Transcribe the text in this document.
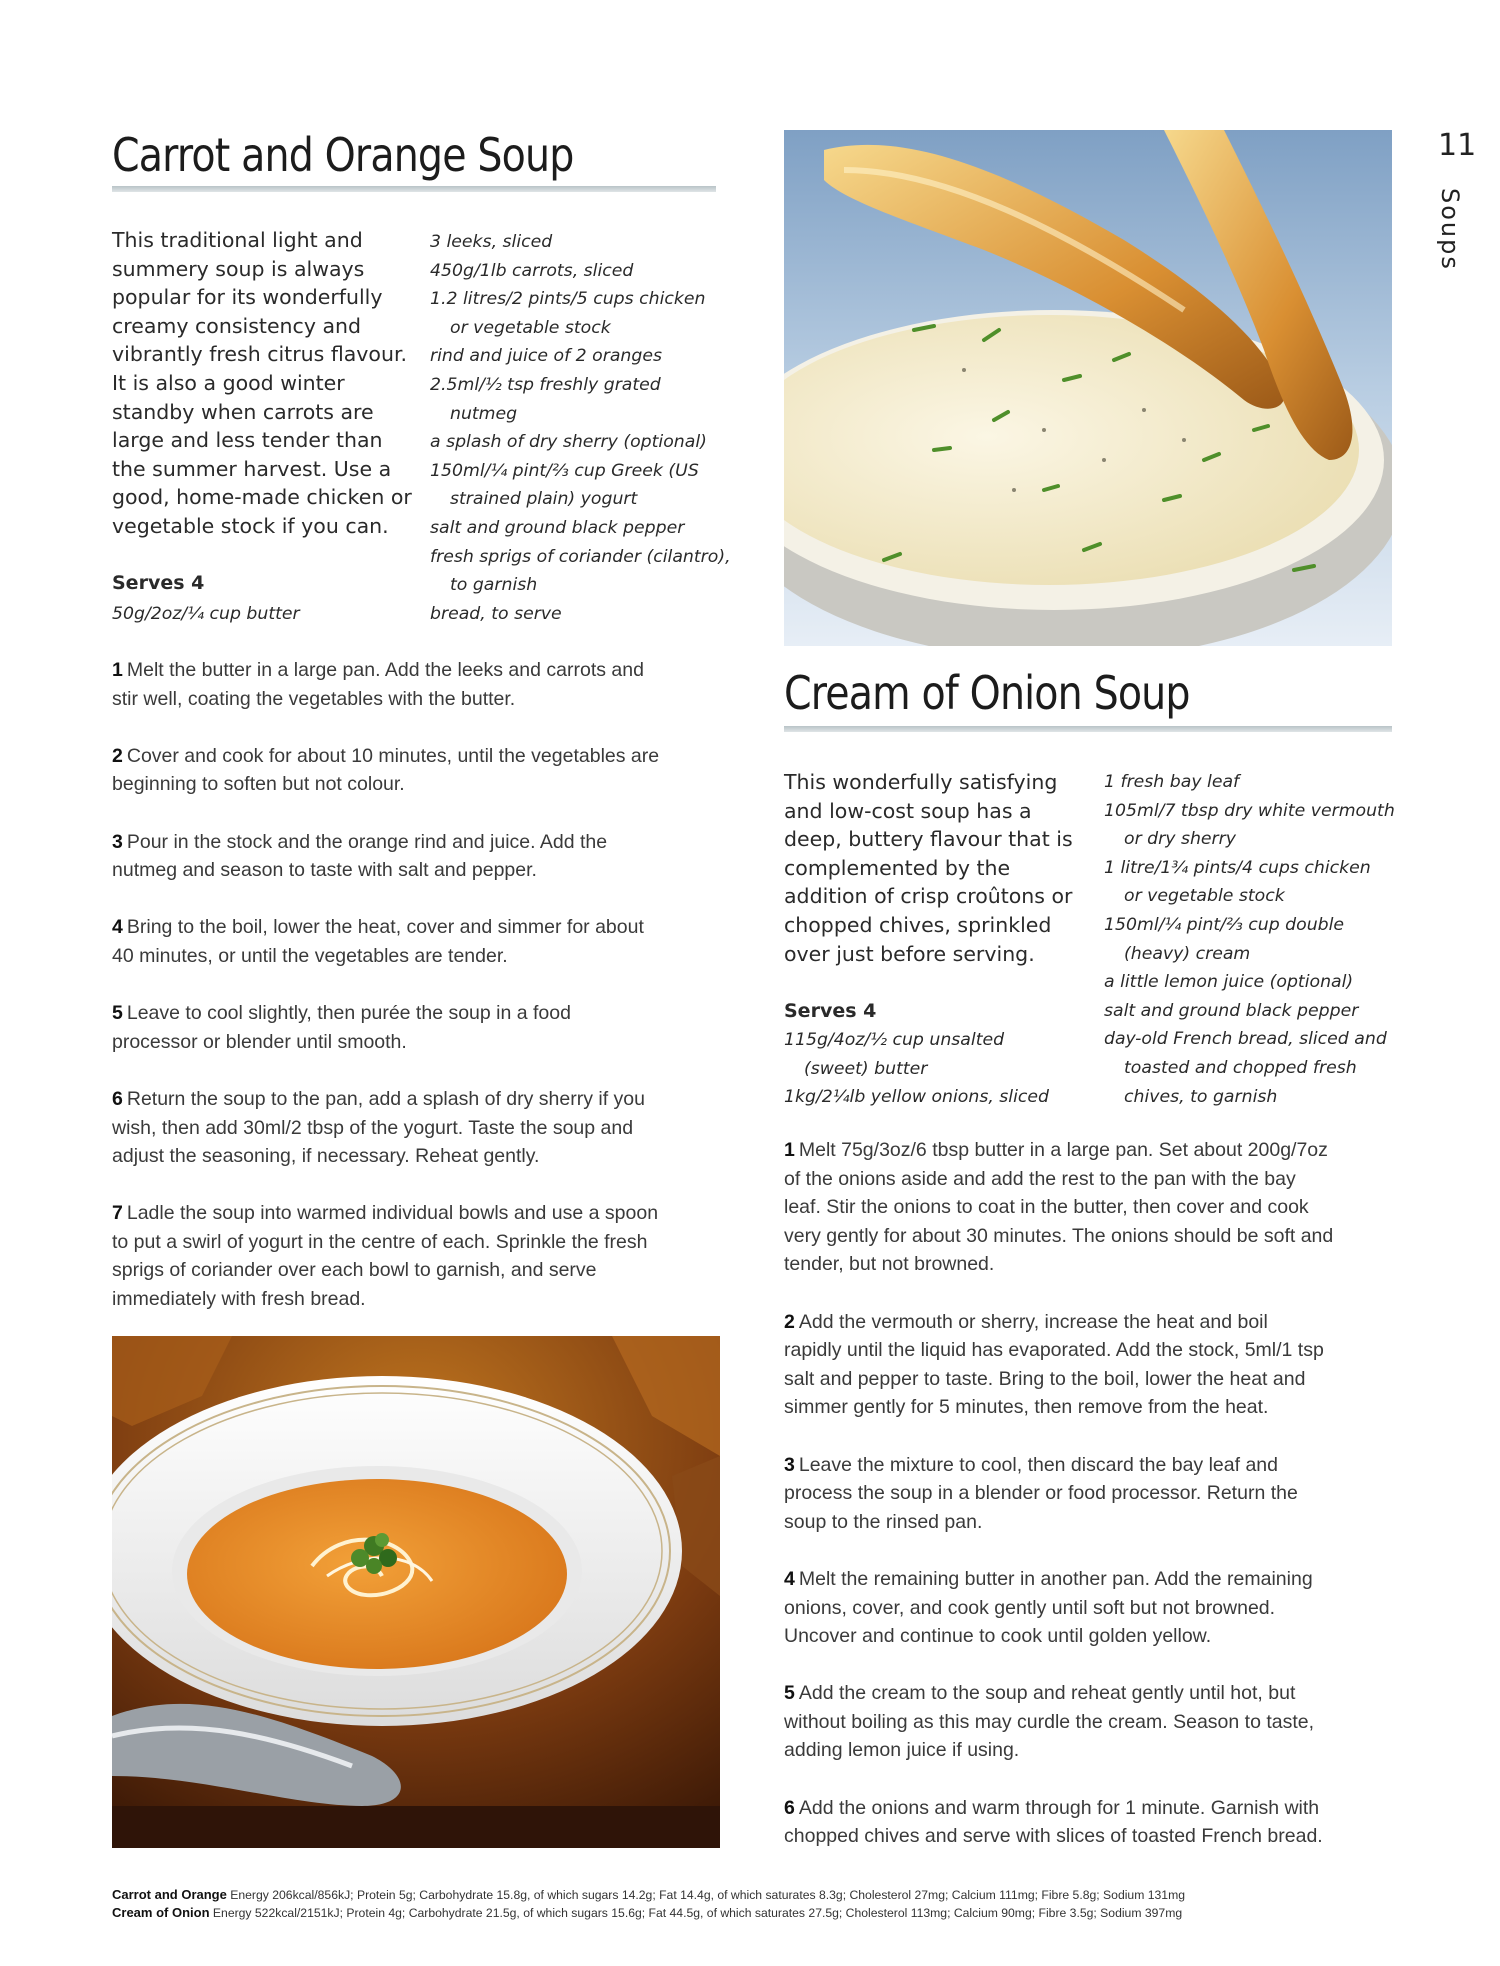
11
Soups
Carrot and Orange Soup
This traditional light and
summery soup is always
popular for its wonderfully
creamy consistency and
vibrantly fresh citrus flavour.
It is also a good winter
standby when carrots are
large and less tender than
the summer harvest. Use a
good, home-made chicken or
vegetable stock if you can.

Serves 4

50g/2oz/¼ cup butter

3 leeks, sliced
450g/1lb carrots, sliced
1.2 litres/2 pints/5 cups chicken
or vegetable stock
rind and juice of 2 oranges
2.5ml/½ tsp freshly grated
nutmeg
a splash of dry sherry (optional)
150ml/¼ pint/⅔ cup Greek (US
strained plain) yogurt
salt and ground black pepper
fresh sprigs of coriander (cilantro),
to garnish
bread, to serve
1 Melt the butter in a large pan. Add the leeks and carrots and
stir well, coating the vegetables with the butter.
2 Cover and cook for about 10 minutes, until the vegetables are
beginning to soften but not colour.
3 Pour in the stock and the orange rind and juice. Add the
nutmeg and season to taste with salt and pepper.
4 Bring to the boil, lower the heat, cover and simmer for about
40 minutes, or until the vegetables are tender.
5 Leave to cool slightly, then purée the soup in a food
processor or blender until smooth.
6 Return the soup to the pan, add a splash of dry sherry if you
wish, then add 30ml/2 tbsp of the yogurt. Taste the soup and
adjust the seasoning, if necessary. Reheat gently.
7 Ladle the soup into warmed individual bowls and use a spoon
to put a swirl of yogurt in the centre of each. Sprinkle the fresh
sprigs of coriander over each bowl to garnish, and serve
immediately with fresh bread.
Cream of Onion Soup
This wonderfully satisfying
and low-cost soup has a
deep, buttery flavour that is
complemented by the
addition of crisp croûtons or
chopped chives, sprinkled
over just before serving.

Serves 4

115g/4oz/½ cup unsalted
(sweet) butter
1kg/2¼lb yellow onions, sliced
1 fresh bay leaf
105ml/7 tbsp dry white vermouth
or dry sherry
1 litre/1¾ pints/4 cups chicken
or vegetable stock
150ml/¼ pint/⅔ cup double
(heavy) cream
a little lemon juice (optional)
salt and ground black pepper
day-old French bread, sliced and
toasted and chopped fresh
chives, to garnish
1 Melt 75g/3oz/6 tbsp butter in a large pan. Set about 200g/7oz
of the onions aside and add the rest to the pan with the bay
leaf. Stir the onions to coat in the butter, then cover and cook
very gently for about 30 minutes. The onions should be soft and
tender, but not browned.
2 Add the vermouth or sherry, increase the heat and boil
rapidly until the liquid has evaporated. Add the stock, 5ml/1 tsp
salt and pepper to taste. Bring to the boil, lower the heat and
simmer gently for 5 minutes, then remove from the heat.
3 Leave the mixture to cool, then discard the bay leaf and
process the soup in a blender or food processor. Return the
soup to the rinsed pan.
4 Melt the remaining butter in another pan. Add the remaining
onions, cover, and cook gently until soft but not browned.
Uncover and continue to cook until golden yellow.
5 Add the cream to the soup and reheat gently until hot, but
without boiling as this may curdle the cream. Season to taste,
adding lemon juice if using.
6 Add the onions and warm through for 1 minute. Garnish with
chopped chives and serve with slices of toasted French bread.
Carrot and Orange Energy 206kcal/856kJ; Protein 5g; Carbohydrate 15.8g, of which sugars 14.2g; Fat 14.4g, of which saturates 8.3g; Cholesterol 27mg; Calcium 111mg; Fibre 5.8g; Sodium 131mg
Cream of Onion Energy 522kcal/2151kJ; Protein 4g; Carbohydrate 21.5g, of which sugars 15.6g; Fat 44.5g, of which saturates 27.5g; Cholesterol 113mg; Calcium 90mg; Fibre 3.5g; Sodium 397mg
